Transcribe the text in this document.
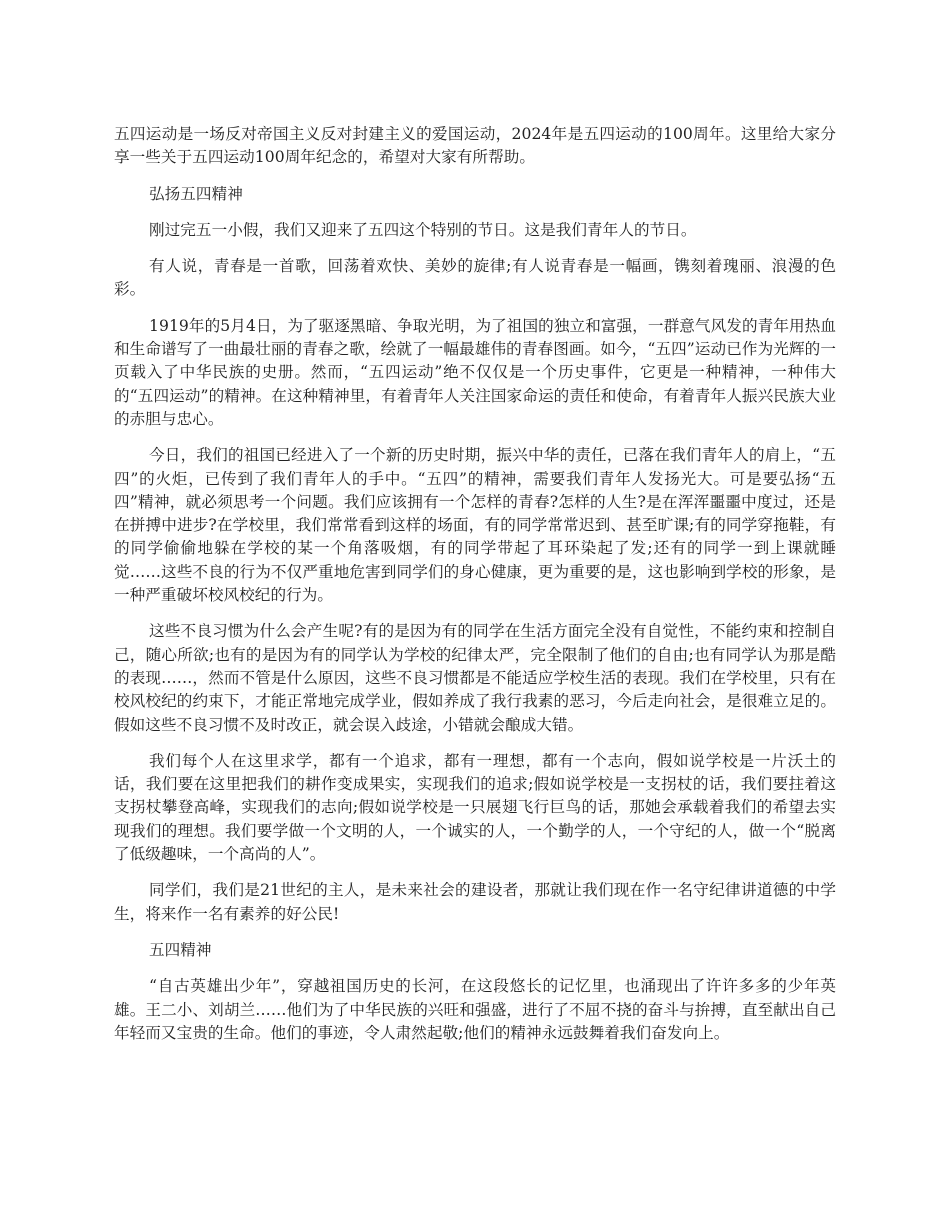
五四运动是一场反对帝国主义反对封建主义的爱国运动，2024年是五四运动的100周年。这里给大家分享一些关于五四运动100周年纪念的，希望对大家有所帮助。

弘扬五四精神

刚过完五一小假，我们又迎来了五四这个特别的节日。这是我们青年人的节日。

有人说，青春是一首歌，回荡着欢快、美妙的旋律;有人说青春是一幅画，镌刻着瑰丽、浪漫的色彩。

1919年的5月4日，为了驱逐黑暗、争取光明，为了祖国的独立和富强，一群意气风发的青年用热血和生命谱写了一曲最壮丽的青春之歌，绘就了一幅最雄伟的青春图画。如今，“五四”运动已作为光辉的一页载入了中华民族的史册。然而，“五四运动”绝不仅仅是一个历史事件，它更是一种精神，一种伟大的“五四运动”的精神。在这种精神里，有着青年人关注国家命运的责任和使命，有着青年人振兴民族大业的赤胆与忠心。

今日，我们的祖国已经进入了一个新的历史时期，振兴中华的责任，已落在我们青年人的肩上，“五四”的火炬，已传到了我们青年人的手中。“五四”的精神，需要我们青年人发扬光大。可是要弘扬“五四”精神，就必须思考一个问题。我们应该拥有一个怎样的青春?怎样的人生?是在浑浑噩噩中度过，还是在拼搏中进步?在学校里，我们常常看到这样的场面，有的同学常常迟到、甚至旷课;有的同学穿拖鞋，有的同学偷偷地躲在学校的某一个角落吸烟，有的同学带起了耳环染起了发;还有的同学一到上课就睡觉……这些不良的行为不仅严重地危害到同学们的身心健康，更为重要的是，这也影响到学校的形象，是一种严重破坏校风校纪的行为。

这些不良习惯为什么会产生呢?有的是因为有的同学在生活方面完全没有自觉性，不能约束和控制自己，随心所欲;也有的是因为有的同学认为学校的纪律太严，完全限制了他们的自由;也有同学认为那是酷的表现……，然而不管是什么原因，这些不良习惯都是不能适应学校生活的表现。我们在学校里，只有在校风校纪的约束下，才能正常地完成学业，假如养成了我行我素的恶习，今后走向社会，是很难立足的。假如这些不良习惯不及时改正，就会误入歧途，小错就会酿成大错。

我们每个人在这里求学，都有一个追求，都有一理想，都有一个志向，假如说学校是一片沃土的话，我们要在这里把我们的耕作变成果实，实现我们的追求;假如说学校是一支拐杖的话，我们要拄着这支拐杖攀登高峰，实现我们的志向;假如说学校是一只展翅飞行巨鸟的话，那她会承载着我们的希望去实现我们的理想。我们要学做一个文明的人，一个诚实的人，一个勤学的人，一个守纪的人，做一个“脱离了低级趣味，一个高尚的人”。

同学们，我们是21世纪的主人，是未来社会的建设者，那就让我们现在作一名守纪律讲道德的中学生，将来作一名有素养的好公民!

五四精神

“自古英雄出少年”，穿越祖国历史的长河，在这段悠长的记忆里，也涌现出了许许多多的少年英雄。王二小、刘胡兰……他们为了中华民族的兴旺和强盛，进行了不屈不挠的奋斗与拚搏，直至献出自己年轻而又宝贵的生命。他们的事迹，令人肃然起敬;他们的精神永远鼓舞着我们奋发向上。
